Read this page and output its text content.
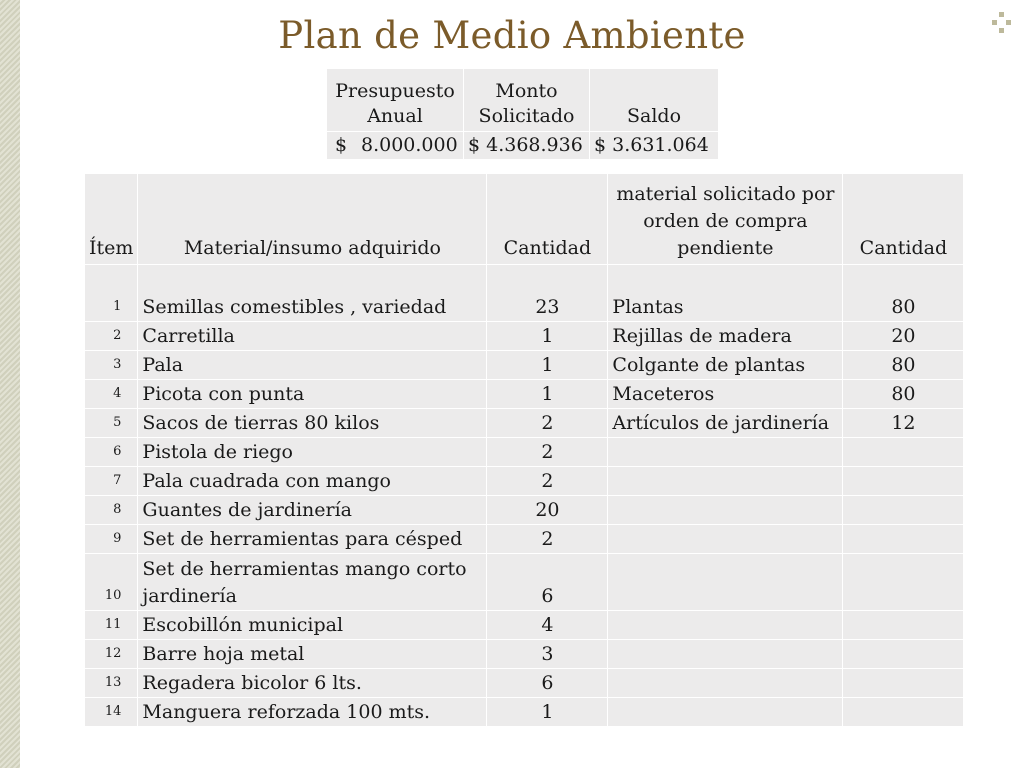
Plan de Medio Ambiente
Presupuesto Anual	Monto Solicitado	Saldo
$ 8.000.000	$ 4.368.936	$ 3.631.064
Ítem	Material/insumo adquirido	Cantidad	material solicitado por orden de compra pendiente	Cantidad
1	Semillas comestibles , variedad	23	Plantas	80
2	Carretilla	1	Rejillas de madera	20
3	Pala	1	Colgante de plantas	80
4	Picota con punta	1	Maceteros	80
5	Sacos de tierras 80 kilos	2	Artículos de jardinería	12
6	Pistola de riego	2		
7	Pala cuadrada con mango	2		
8	Guantes de jardinería	20		
9	Set de herramientas para césped	2		
10	Set de herramientas mango corto jardinería	6		
11	Escobillón municipal	4		
12	Barre hoja metal	3		
13	Regadera bicolor 6 lts.	6		
14	Manguera reforzada 100 mts.	1		
